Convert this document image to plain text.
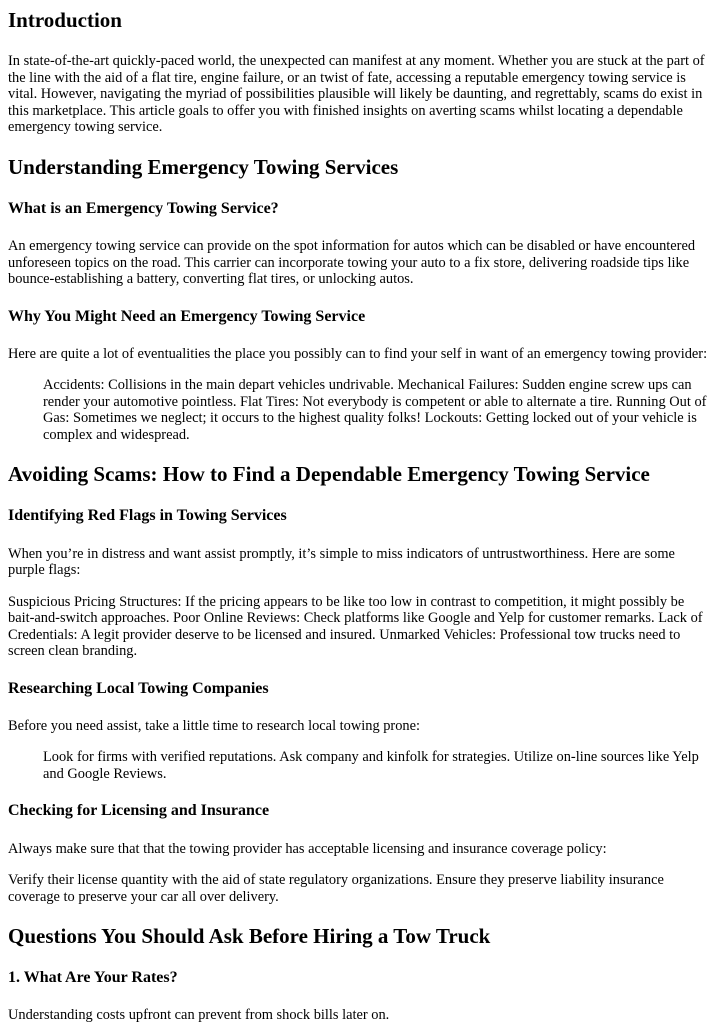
Introduction

In state-of-the-art quickly-paced world, the unexpected can manifest at any moment. Whether you are stuck at the part of the line with the aid of a flat tire, engine failure, or an twist of fate, accessing a reputable emergency towing service is vital. However, navigating the myriad of possibilities plausible will likely be daunting, and regrettably, scams do exist in this marketplace. This article goals to offer you with finished insights on averting scams whilst locating a dependable emergency towing service.

Understanding Emergency Towing Services
What is an Emergency Towing Service?

An emergency towing service can provide on the spot information for autos which can be disabled or have encountered unforeseen topics on the road. This carrier can incorporate towing your auto to a fix store, delivering roadside tips like bounce-establishing a battery, converting flat tires, or unlocking autos.

Why You Might Need an Emergency Towing Service

Here are quite a lot of eventualities the place you possibly can to find your self in want of an emergency towing provider:

Accidents: Collisions in the main depart vehicles undrivable. Mechanical Failures: Sudden engine screw ups can render your automotive pointless. Flat Tires: Not everybody is competent or able to alternate a tire. Running Out of Gas: Sometimes we neglect; it occurs to the highest quality folks! Lockouts: Getting locked out of your vehicle is complex and widespread.
Avoiding Scams: How to Find a Dependable Emergency Towing Service
Identifying Red Flags in Towing Services

When you’re in distress and want assist promptly, it’s simple to miss indicators of untrustworthiness. Here are some purple flags:

Suspicious Pricing Structures: If the pricing appears to be like too low in contrast to competition, it might possibly be bait-and-switch approaches. Poor Online Reviews: Check platforms like Google and Yelp for customer remarks. Lack of Credentials: A legit provider deserve to be licensed and insured. Unmarked Vehicles: Professional tow trucks need to screen clean branding.

Researching Local Towing Companies

Before you need assist, take a little time to research local towing prone:

Look for firms with verified reputations. Ask company and kinfolk for strategies. Utilize on-line sources like Yelp and Google Reviews.
Checking for Licensing and Insurance

Always make sure that that the towing provider has acceptable licensing and insurance coverage policy:

Verify their license quantity with the aid of state regulatory organizations. Ensure they preserve liability insurance coverage to preserve your car all over delivery.

Questions You Should Ask Before Hiring a Tow Truck
1. What Are Your Rates?

Understanding costs upfront can prevent from shock bills later on.
